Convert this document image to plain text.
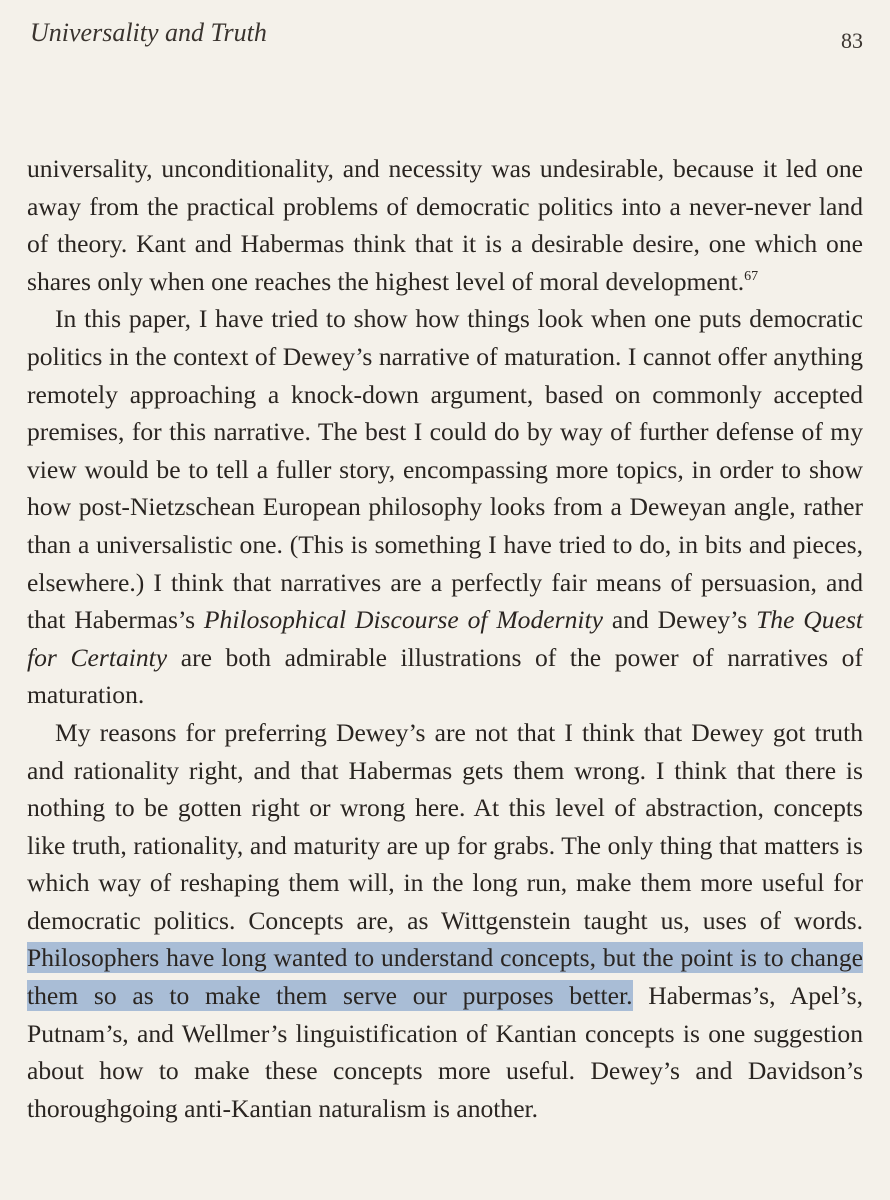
Universality and Truth	83

universality, unconditionality, and necessity was undesirable, because it led one away from the practical problems of democratic politics into a never-never land of theory. Kant and Habermas think that it is a desirable desire, one which one shares only when one reaches the highest level of moral development.$^{67}$

In this paper, I have tried to show how things look when one puts democratic politics in the context of Dewey’s narrative of maturation. I cannot offer anything remotely approaching a knock-down argument, based on commonly accepted premises, for this narrative. The best I could do by way of further defense of my view would be to tell a fuller story, encompassing more topics, in order to show how post-Nietzschean European philosophy looks from a Deweyan angle, rather than a universalistic one. (This is something I have tried to do, in bits and pieces, elsewhere.) I think that narratives are a perfectly fair means of persuasion, and that Habermas’s Philosophical Discourse of Modernity and Dewey’s The Quest for Certainty are both admirable illustrations of the power of narratives of maturation.

My reasons for preferring Dewey’s are not that I think that Dewey got truth and rationality right, and that Habermas gets them wrong. I think that there is nothing to be gotten right or wrong here. At this level of abstraction, concepts like truth, rationality, and maturity are up for grabs. The only thing that matters is which way of reshaping them will, in the long run, make them more useful for democratic politics. Concepts are, as Wittgenstein taught us, uses of words. Philosophers have long wanted to understand concepts, but the point is to change them so as to make them serve our purposes better. Habermas’s, Apel’s, Putnam’s, and Wellmer’s linguistification of Kantian concepts is one suggestion about how to make these concepts more useful. Dewey’s and Davidson’s thoroughgoing anti-Kantian naturalism is another.
